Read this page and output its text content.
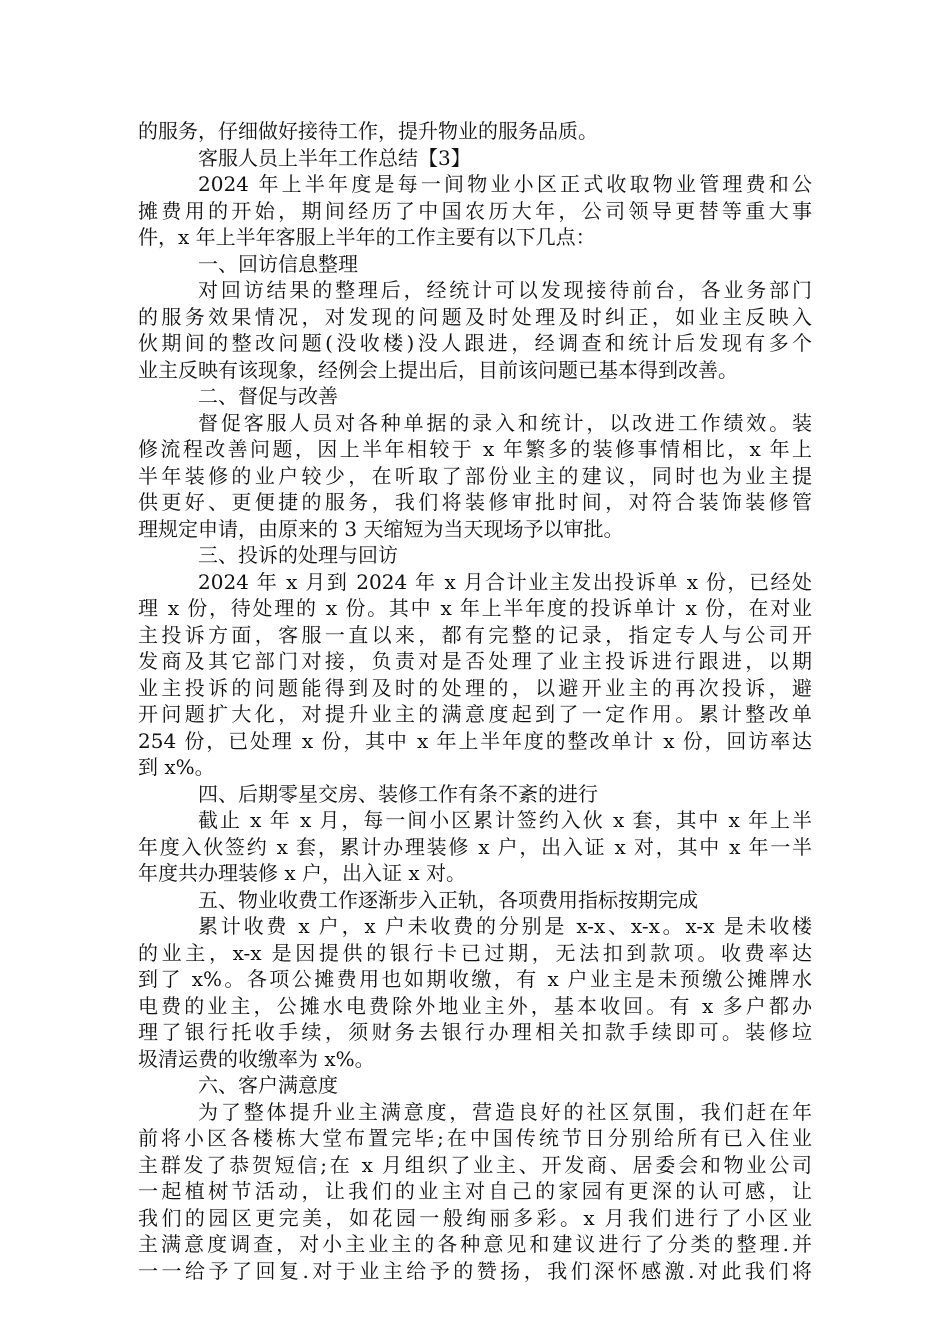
的服务，仔细做好接待工作，提升物业的服务品质。
客服人员上半年工作总结【3】
2024 年上半年度是每一间物业小区正式收取物业管理费和公
摊费用的开始，期间经历了中国农历大年，公司领导更替等重大事
件，x 年上半年客服上半年的工作主要有以下几点：
一、回访信息整理
对回访结果的整理后，经统计可以发现接待前台，各业务部门
的服务效果情况，对发现的问题及时处理及时纠正，如业主反映入
伙期间的整改问题(没收楼)没人跟进，经调查和统计后发现有多个
业主反映有该现象，经例会上提出后，目前该问题已基本得到改善。
二、督促与改善
督促客服人员对各种单据的录入和统计，以改进工作绩效。装
修流程改善问题，因上半年相较于 x 年繁多的装修事情相比，x 年上
半年装修的业户较少，在听取了部份业主的建议，同时也为业主提
供更好、更便捷的服务，我们将装修审批时间，对符合装饰装修管
理规定申请，由原来的 3 天缩短为当天现场予以审批。
三、投诉的处理与回访
2024 年 x 月到 2024 年 x 月合计业主发出投诉单 x 份，已经处
理 x 份，待处理的 x 份。其中 x 年上半年度的投诉单计 x 份，在对业
主投诉方面，客服一直以来，都有完整的记录，指定专人与公司开
发商及其它部门对接，负责对是否处理了业主投诉进行跟进，以期
业主投诉的问题能得到及时的处理的，以避开业主的再次投诉，避
开问题扩大化，对提升业主的满意度起到了一定作用。累计整改单
254 份，已处理 x 份，其中 x 年上半年度的整改单计 x 份，回访率达
到 x%。
四、后期零星交房、装修工作有条不紊的进行
截止 x 年 x 月，每一间小区累计签约入伙 x 套，其中 x 年上半
年度入伙签约 x 套，累计办理装修 x 户，出入证 x 对，其中 x 年一半
年度共办理装修 x 户，出入证 x 对。
五、物业收费工作逐渐步入正轨，各项费用指标按期完成
累计收费 x 户，x 户未收费的分别是 x-x、x-x。x-x 是未收楼
的业主，x-x 是因提供的银行卡已过期，无法扣到款项。收费率达
到了 x%。各项公摊费用也如期收缴，有 x 户业主是未预缴公摊牌水
电费的业主，公摊水电费除外地业主外，基本收回。有 x 多户都办
理了银行托收手续，须财务去银行办理相关扣款手续即可。装修垃
圾清运费的收缴率为 x%。
六、客户满意度
为了整体提升业主满意度，营造良好的社区氛围，我们赶在年
前将小区各楼栋大堂布置完毕;在中国传统节日分别给所有已入住业
主群发了恭贺短信;在 x 月组织了业主、开发商、居委会和物业公司
一起植树节活动，让我们的业主对自己的家园有更深的认可感，让
我们的园区更完美，如花园一般绚丽多彩。x 月我们进行了小区业
主满意度调查，对小主业主的各种意见和建议进行了分类的整理.并
一一给予了回复.对于业主给予的赞扬，我们深怀感激.对此我们将
